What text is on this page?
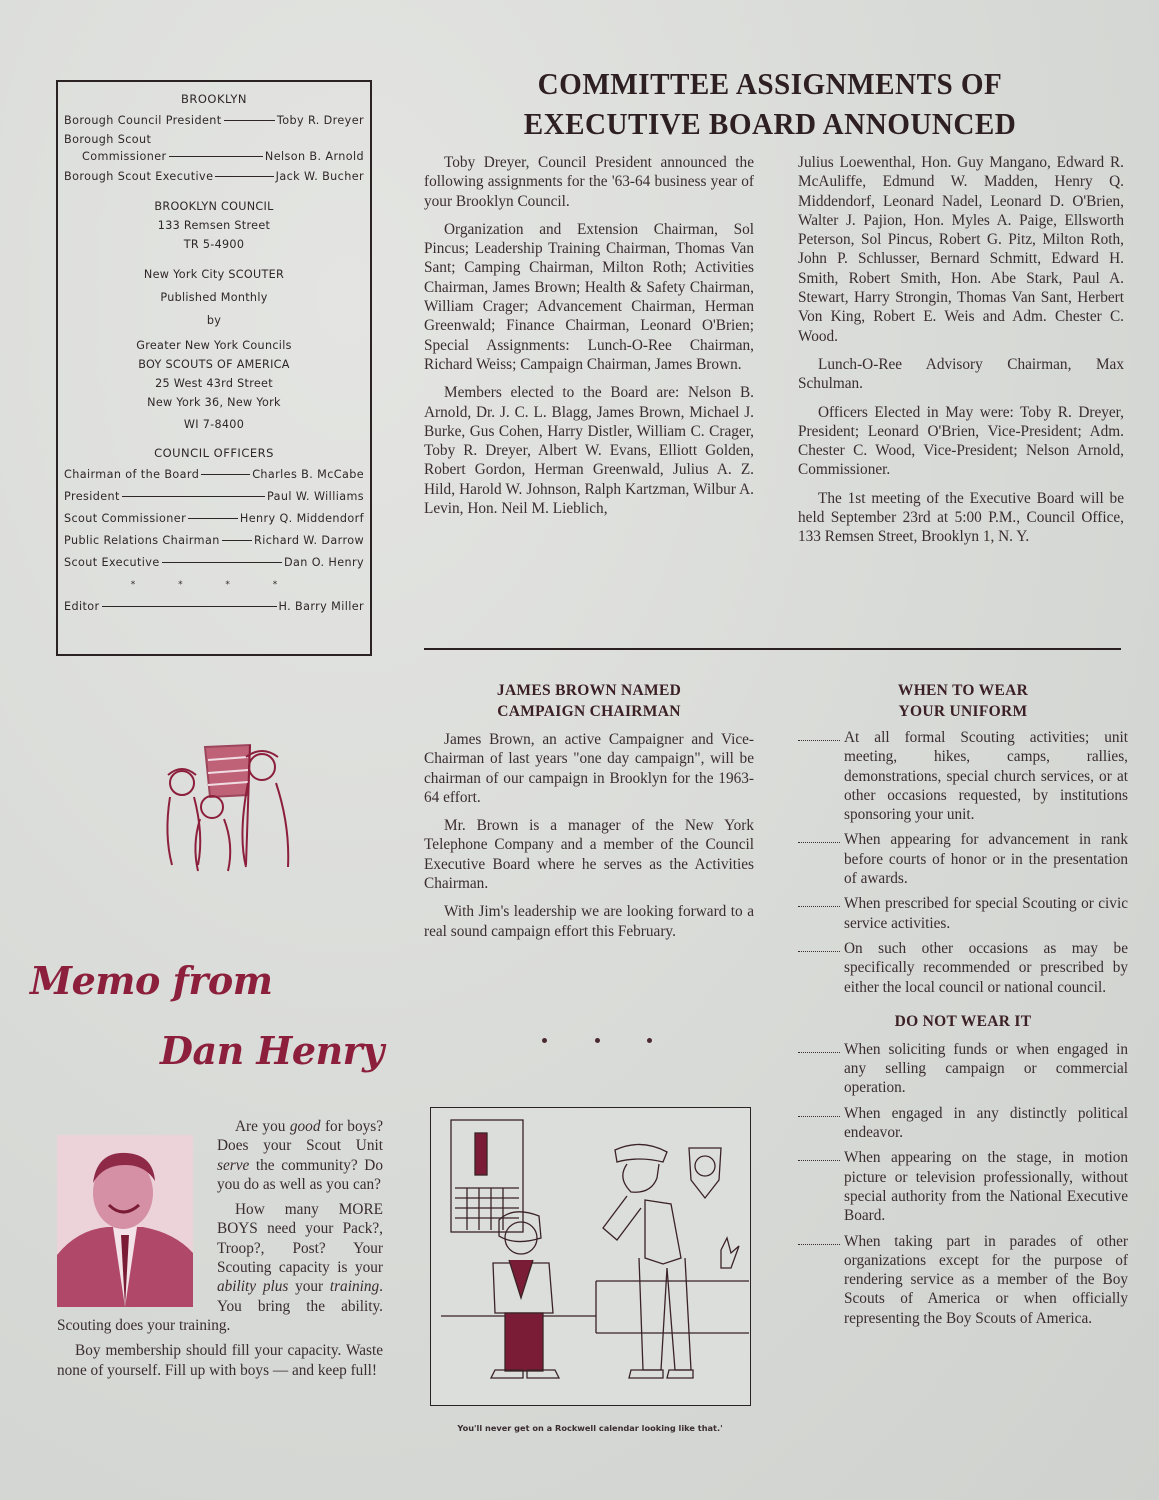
BROOKLYN
Borough Council President	Toby R. Dreyer
Borough Scout
Commissioner	Nelson B. Arnold
Borough Scout Executive	Jack W. Bucher
BROOKLYN COUNCIL
133 Remsen Street
TR 5-4900
New York City SCOUTER
Published Monthly
by
Greater New York Councils
BOY SCOUTS OF AMERICA
25 West 43rd Street
New York 36, New York
WI 7-8400
COUNCIL OFFICERS
Chairman of the Board	Charles B. McCabe
President	Paul W. Williams
Scout Commissioner	Henry Q. Middendorf
Public Relations Chairman	Richard W. Darrow
Scout Executive	Dan O. Henry
* * * *
Editor	H. Barry Miller
COMMITTEE ASSIGNMENTS OF
EXECUTIVE BOARD ANNOUNCED

Toby Dreyer, Council President announced the following assignments for the '63-64 business year of your Brooklyn Council.

Organization and Extension Chairman, Sol Pincus; Leadership Training Chairman, Thomas Van Sant; Camping Chairman, Milton Roth; Activities Chairman, James Brown; Health & Safety Chairman, William Crager; Advancement Chairman, Herman Greenwald; Finance Chairman, Leonard O'Brien; Special Assignments: Lunch-O-Ree Chairman, Richard Weiss; Campaign Chairman, James Brown.

Members elected to the Board are: Nelson B. Arnold, Dr. J. C. L. Blagg, James Brown, Michael J. Burke, Gus Cohen, Harry Distler, William C. Crager, Toby R. Dreyer, Albert W. Evans, Elliott Golden, Robert Gordon, Herman Greenwald, Julius A. Z. Hild, Harold W. Johnson, Ralph Kartzman, Wilbur A. Levin, Hon. Neil M. Lieblich,

Julius Loewenthal, Hon. Guy Mangano, Edward R. McAuliffe, Edmund W. Madden, Henry Q. Middendorf, Leonard Nadel, Leonard D. O'Brien, Walter J. Pajion, Hon. Myles A. Paige, Ellsworth Peterson, Sol Pincus, Robert G. Pitz, Milton Roth, John P. Schlusser, Bernard Schmitt, Edward H. Smith, Robert Smith, Hon. Abe Stark, Paul A. Stewart, Harry Strongin, Thomas Van Sant, Herbert Von King, Robert E. Weis and Adm. Chester C. Wood.

Lunch-O-Ree Advisory Chairman, Max Schulman.

Officers Elected in May were: Toby R. Dreyer, President; Leonard O'Brien, Vice-President; Adm. Chester C. Wood, Vice-President; Nelson Arnold, Commissioner.

The 1st meeting of the Executive Board will be held September 23rd at 5:00 P.M., Council Office, 133 Remsen Street, Brooklyn 1, N. Y.

JAMES BROWN NAMED
CAMPAIGN CHAIRMAN

James Brown, an active Campaigner and Vice-Chairman of last years "one day campaign", will be chairman of our campaign in Brooklyn for the 1963-64 effort.

Mr. Brown is a manager of the New York Telephone Company and a member of the Council Executive Board where he serves as the Activities Chairman.

With Jim's leadership we are looking forward to a real sound campaign effort this February.

WHEN TO WEAR
YOUR UNIFORM
At all formal Scouting activities; unit meeting, hikes, camps, rallies, demonstrations, special church services, or at other occasions requested, by institutions sponsoring your unit.
When appearing for advancement in rank before courts of honor or in the presentation of awards.
When prescribed for special Scouting or civic service activities.
On such other occasions as may be specifically recommended or prescribed by either the local council or national council.
DO NOT WEAR IT
When soliciting funds or when engaged in any selling campaign or commercial operation.
When engaged in any distinctly political endeavor.
When appearing on the stage, in motion picture or television professionally, without special authority from the National Executive Board.
When taking part in parades of other organizations except for the purpose of rendering service as a member of the Boy Scouts of America or when officially representing the Boy Scouts of America.
Memo from
Dan Henry

Are you good for boys? Does your Scout Unit serve the community? Do you do as well as you can?

How many MORE BOYS need your Pack?, Troop?, Post? Your Scouting capacity is your ability plus your training. You bring the ability. Scouting does your training.

Boy membership should fill your capacity. Waste none of yourself. Fill up with boys — and keep full!

You'll never get on a Rockwell calendar looking like that.'
